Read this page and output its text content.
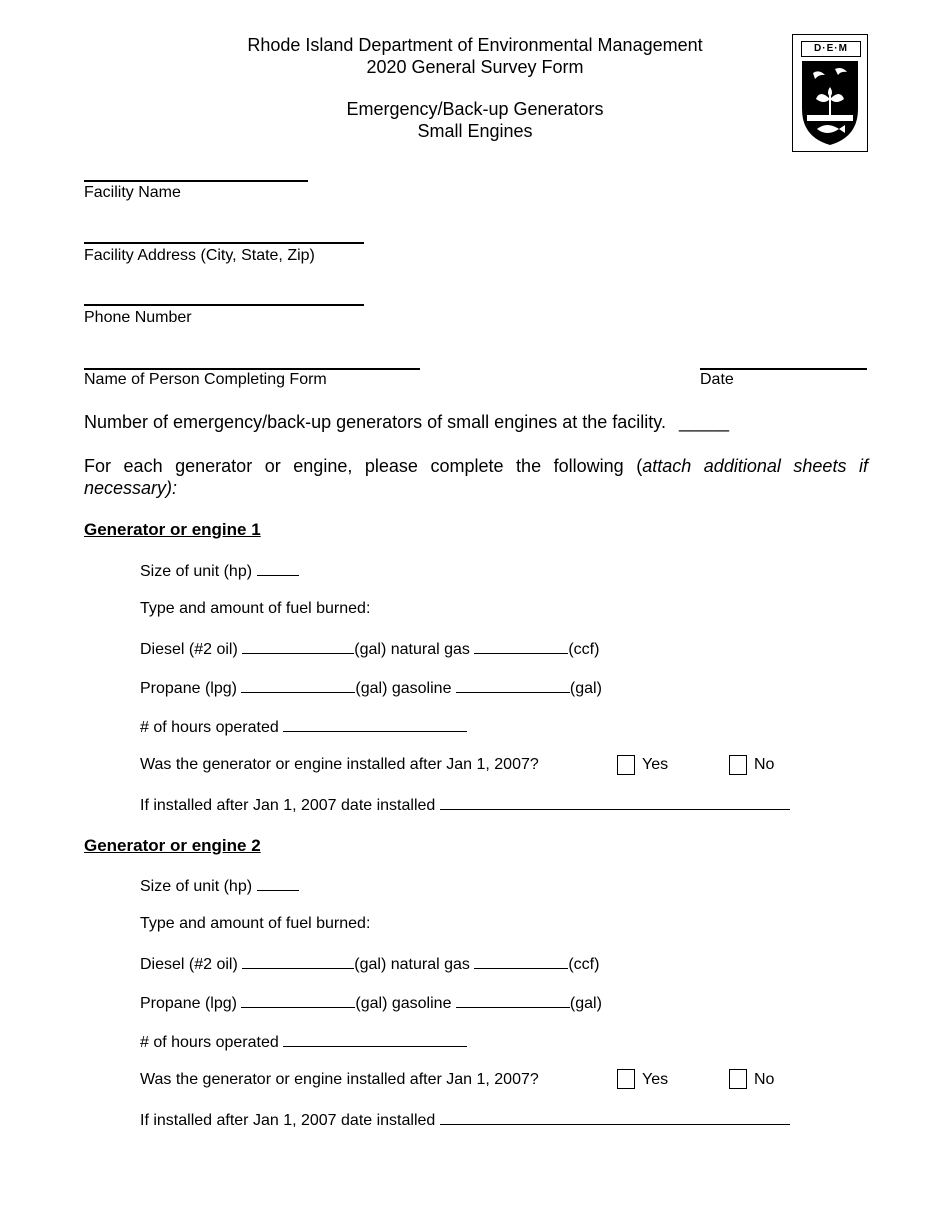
Rhode Island Department of Environmental Management
2020 General Survey Form
Emergency/Back-up Generators
Small Engines
D·E·M
Facility Name
Facility Address (City, State, Zip)
Phone Number
Name of Person Completing Form	Date
Number of emergency/back-up generators of small engines at the facility. _____
For each generator or engine, please complete the following (attach additional sheets if necessary):
Generator or engine 1
Size of unit (hp)
Type and amount of fuel burned:
Diesel (#2 oil)	(gal) natural gas	(ccf)
Propane (lpg)	(gal) gasoline	(gal)
# of hours operated
Was the generator or engine installed after Jan 1, 2007?	Yes	No
If installed after Jan 1, 2007 date installed
Generator or engine 2
Size of unit (hp)
Type and amount of fuel burned:
Diesel (#2 oil)	(gal) natural gas	(ccf)
Propane (lpg)	(gal) gasoline	(gal)
# of hours operated
Was the generator or engine installed after Jan 1, 2007?	Yes	No
If installed after Jan 1, 2007 date installed
